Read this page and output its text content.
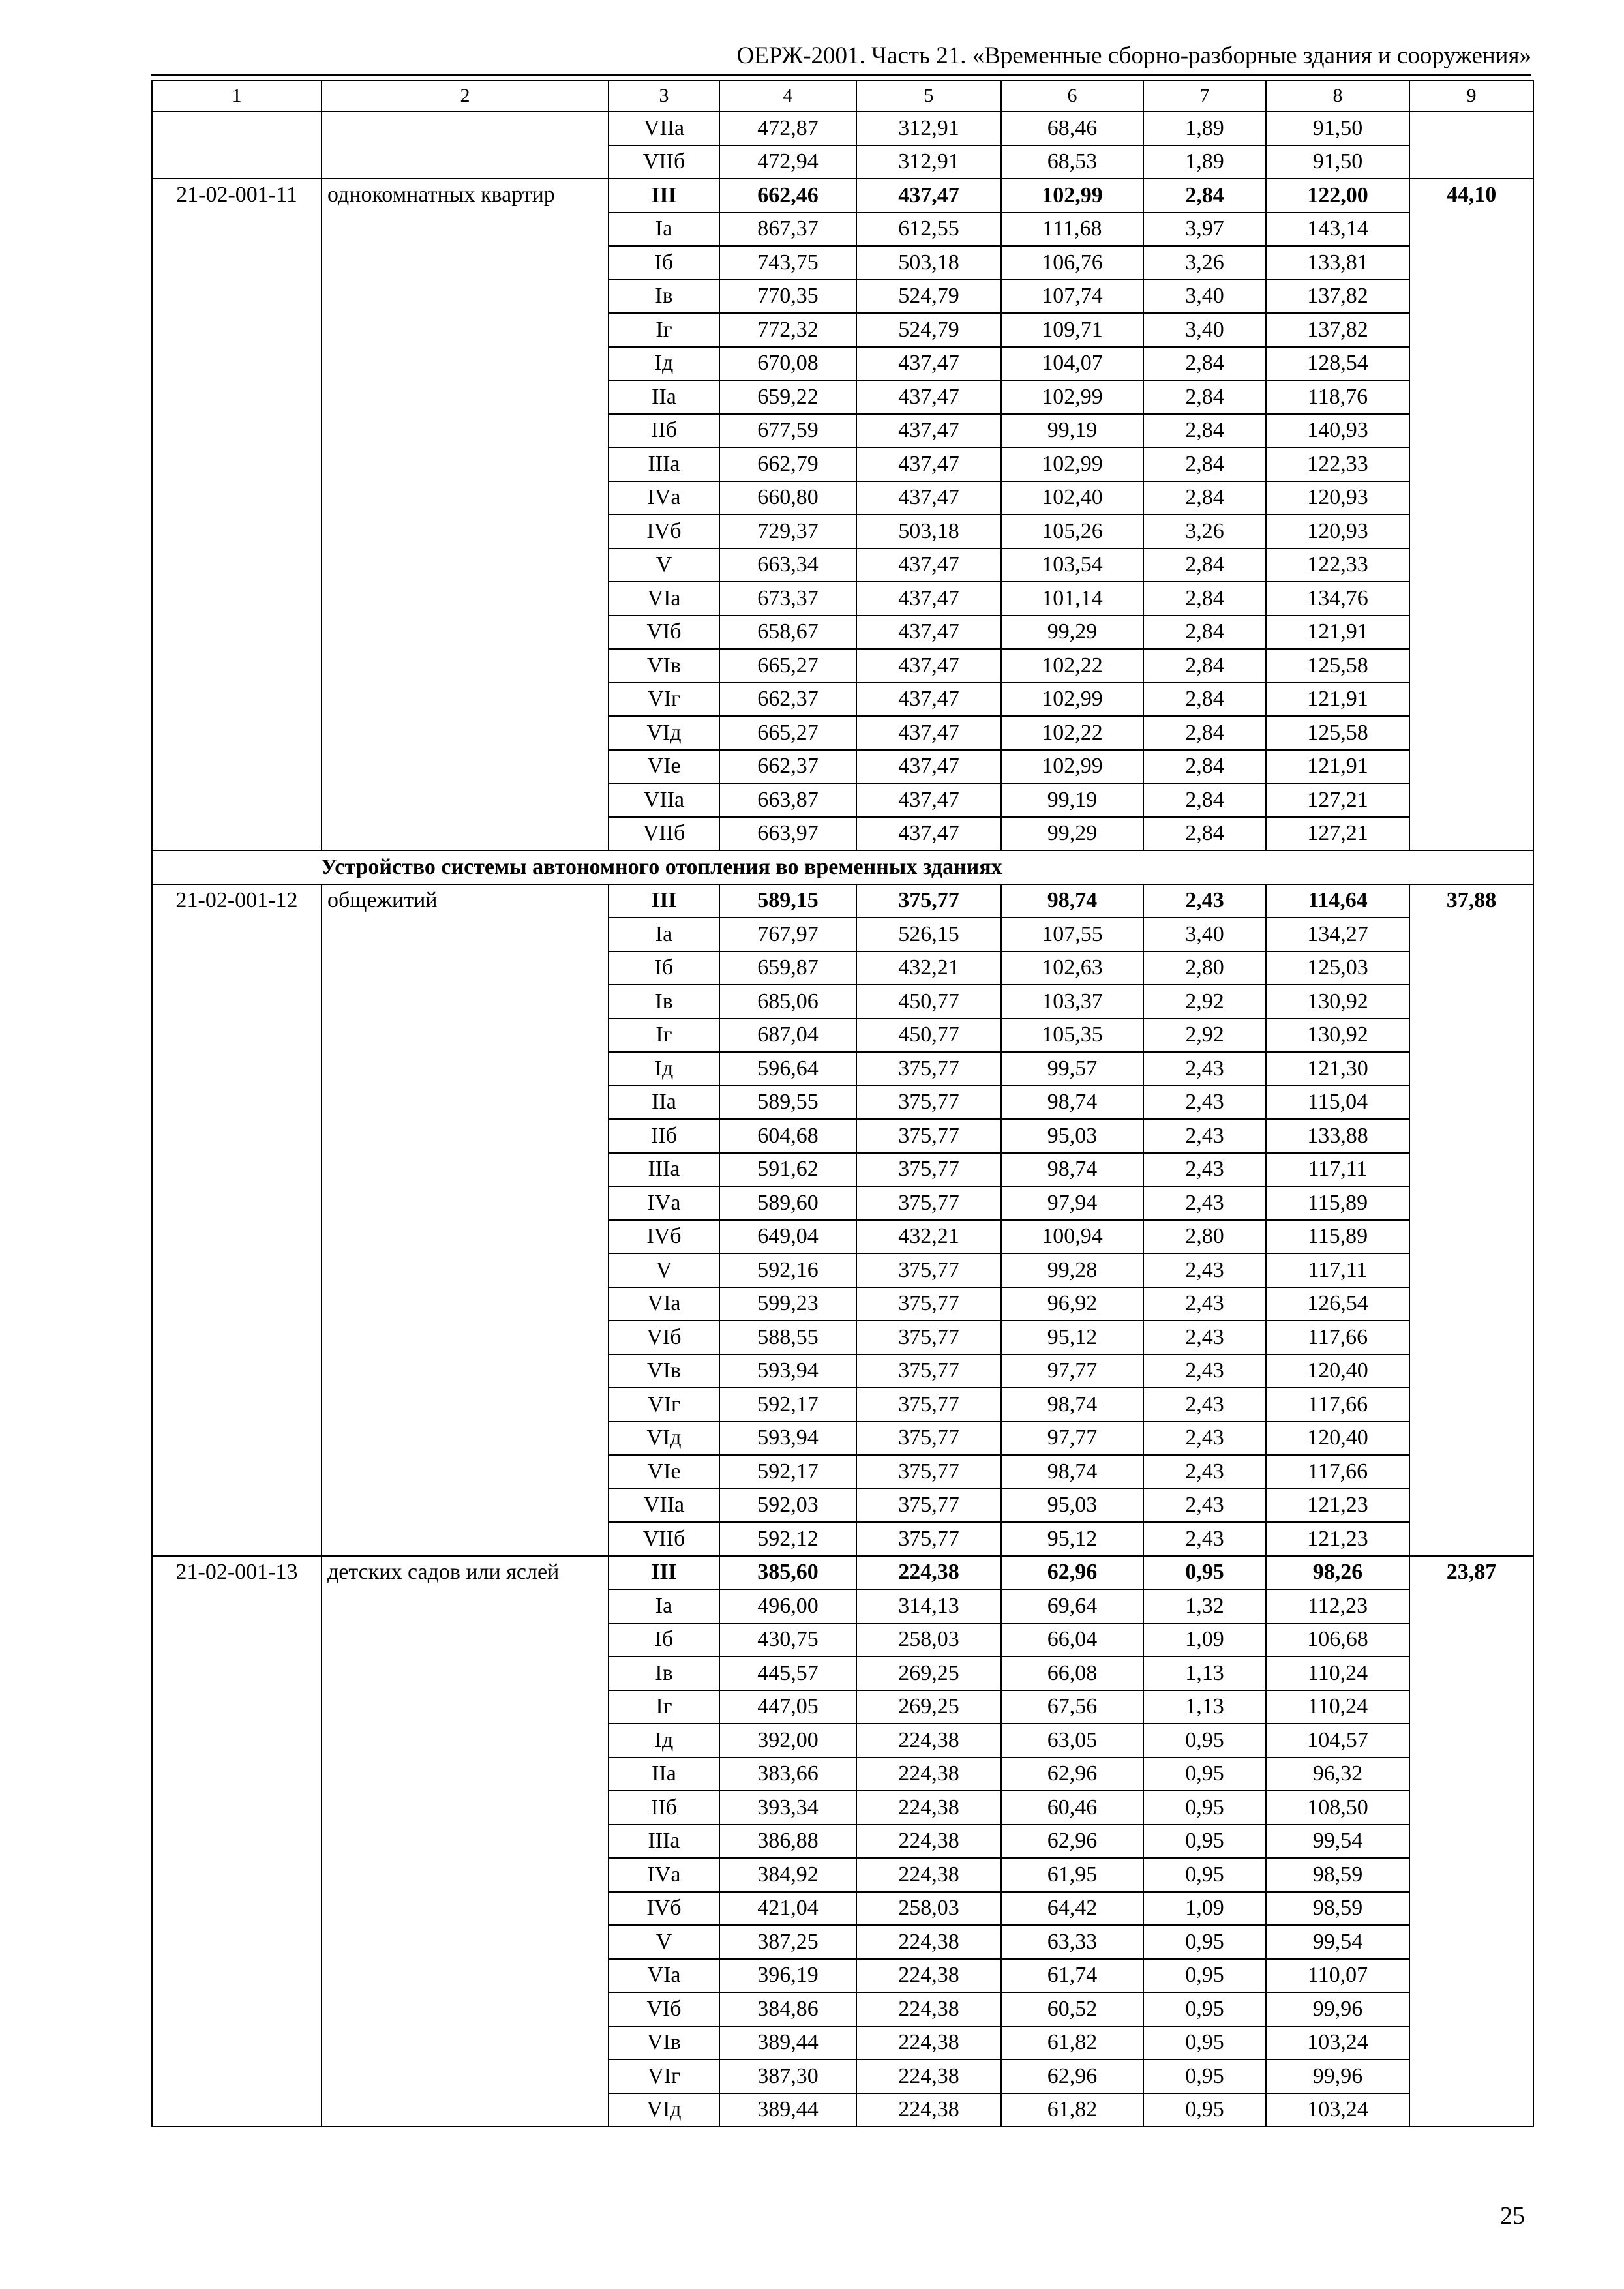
ОЕРЖ-2001. Часть 21. «Временные сборно-разборные здания и сооружения»
1	2	3	4	5	6	7	8	9
		VIIа	472,87	312,91	68,46	1,89	91,50	
		VIIб	472,94	312,91	68,53	1,89	91,50	
21-02-001-11	однокомнатных квартир	III	662,46	437,47	102,99	2,84	122,00	44,10
		Iа	867,37	612,55	111,68	3,97	143,14	
		Iб	743,75	503,18	106,76	3,26	133,81	
		Iв	770,35	524,79	107,74	3,40	137,82	
		Iг	772,32	524,79	109,71	3,40	137,82	
		Iд	670,08	437,47	104,07	2,84	128,54	
		IIа	659,22	437,47	102,99	2,84	118,76	
		IIб	677,59	437,47	99,19	2,84	140,93	
		IIIа	662,79	437,47	102,99	2,84	122,33	
		IVа	660,80	437,47	102,40	2,84	120,93	
		IVб	729,37	503,18	105,26	3,26	120,93	
		V	663,34	437,47	103,54	2,84	122,33	
		VIа	673,37	437,47	101,14	2,84	134,76	
		VIб	658,67	437,47	99,29	2,84	121,91	
		VIв	665,27	437,47	102,22	2,84	125,58	
		VIг	662,37	437,47	102,99	2,84	121,91	
		VIд	665,27	437,47	102,22	2,84	125,58	
		VIе	662,37	437,47	102,99	2,84	121,91	
		VIIа	663,87	437,47	99,19	2,84	127,21	
		VIIб	663,97	437,47	99,29	2,84	127,21	
Устройство системы автономного отопления во временных зданиях								
21-02-001-12	общежитий	III	589,15	375,77	98,74	2,43	114,64	37,88
		Iа	767,97	526,15	107,55	3,40	134,27	
		Iб	659,87	432,21	102,63	2,80	125,03	
		Iв	685,06	450,77	103,37	2,92	130,92	
		Iг	687,04	450,77	105,35	2,92	130,92	
		Iд	596,64	375,77	99,57	2,43	121,30	
		IIа	589,55	375,77	98,74	2,43	115,04	
		IIб	604,68	375,77	95,03	2,43	133,88	
		IIIа	591,62	375,77	98,74	2,43	117,11	
		IVа	589,60	375,77	97,94	2,43	115,89	
		IVб	649,04	432,21	100,94	2,80	115,89	
		V	592,16	375,77	99,28	2,43	117,11	
		VIа	599,23	375,77	96,92	2,43	126,54	
		VIб	588,55	375,77	95,12	2,43	117,66	
		VIв	593,94	375,77	97,77	2,43	120,40	
		VIг	592,17	375,77	98,74	2,43	117,66	
		VIд	593,94	375,77	97,77	2,43	120,40	
		VIе	592,17	375,77	98,74	2,43	117,66	
		VIIа	592,03	375,77	95,03	2,43	121,23	
		VIIб	592,12	375,77	95,12	2,43	121,23	
21-02-001-13	детских садов или яслей	III	385,60	224,38	62,96	0,95	98,26	23,87
		Iа	496,00	314,13	69,64	1,32	112,23	
		Iб	430,75	258,03	66,04	1,09	106,68	
		Iв	445,57	269,25	66,08	1,13	110,24	
		Iг	447,05	269,25	67,56	1,13	110,24	
		Iд	392,00	224,38	63,05	0,95	104,57	
		IIа	383,66	224,38	62,96	0,95	96,32	
		IIб	393,34	224,38	60,46	0,95	108,50	
		IIIа	386,88	224,38	62,96	0,95	99,54	
		IVа	384,92	224,38	61,95	0,95	98,59	
		IVб	421,04	258,03	64,42	1,09	98,59	
		V	387,25	224,38	63,33	0,95	99,54	
		VIа	396,19	224,38	61,74	0,95	110,07	
		VIб	384,86	224,38	60,52	0,95	99,96	
		VIв	389,44	224,38	61,82	0,95	103,24	
		VIг	387,30	224,38	62,96	0,95	99,96	
		VIд	389,44	224,38	61,82	0,95	103,24	
25
